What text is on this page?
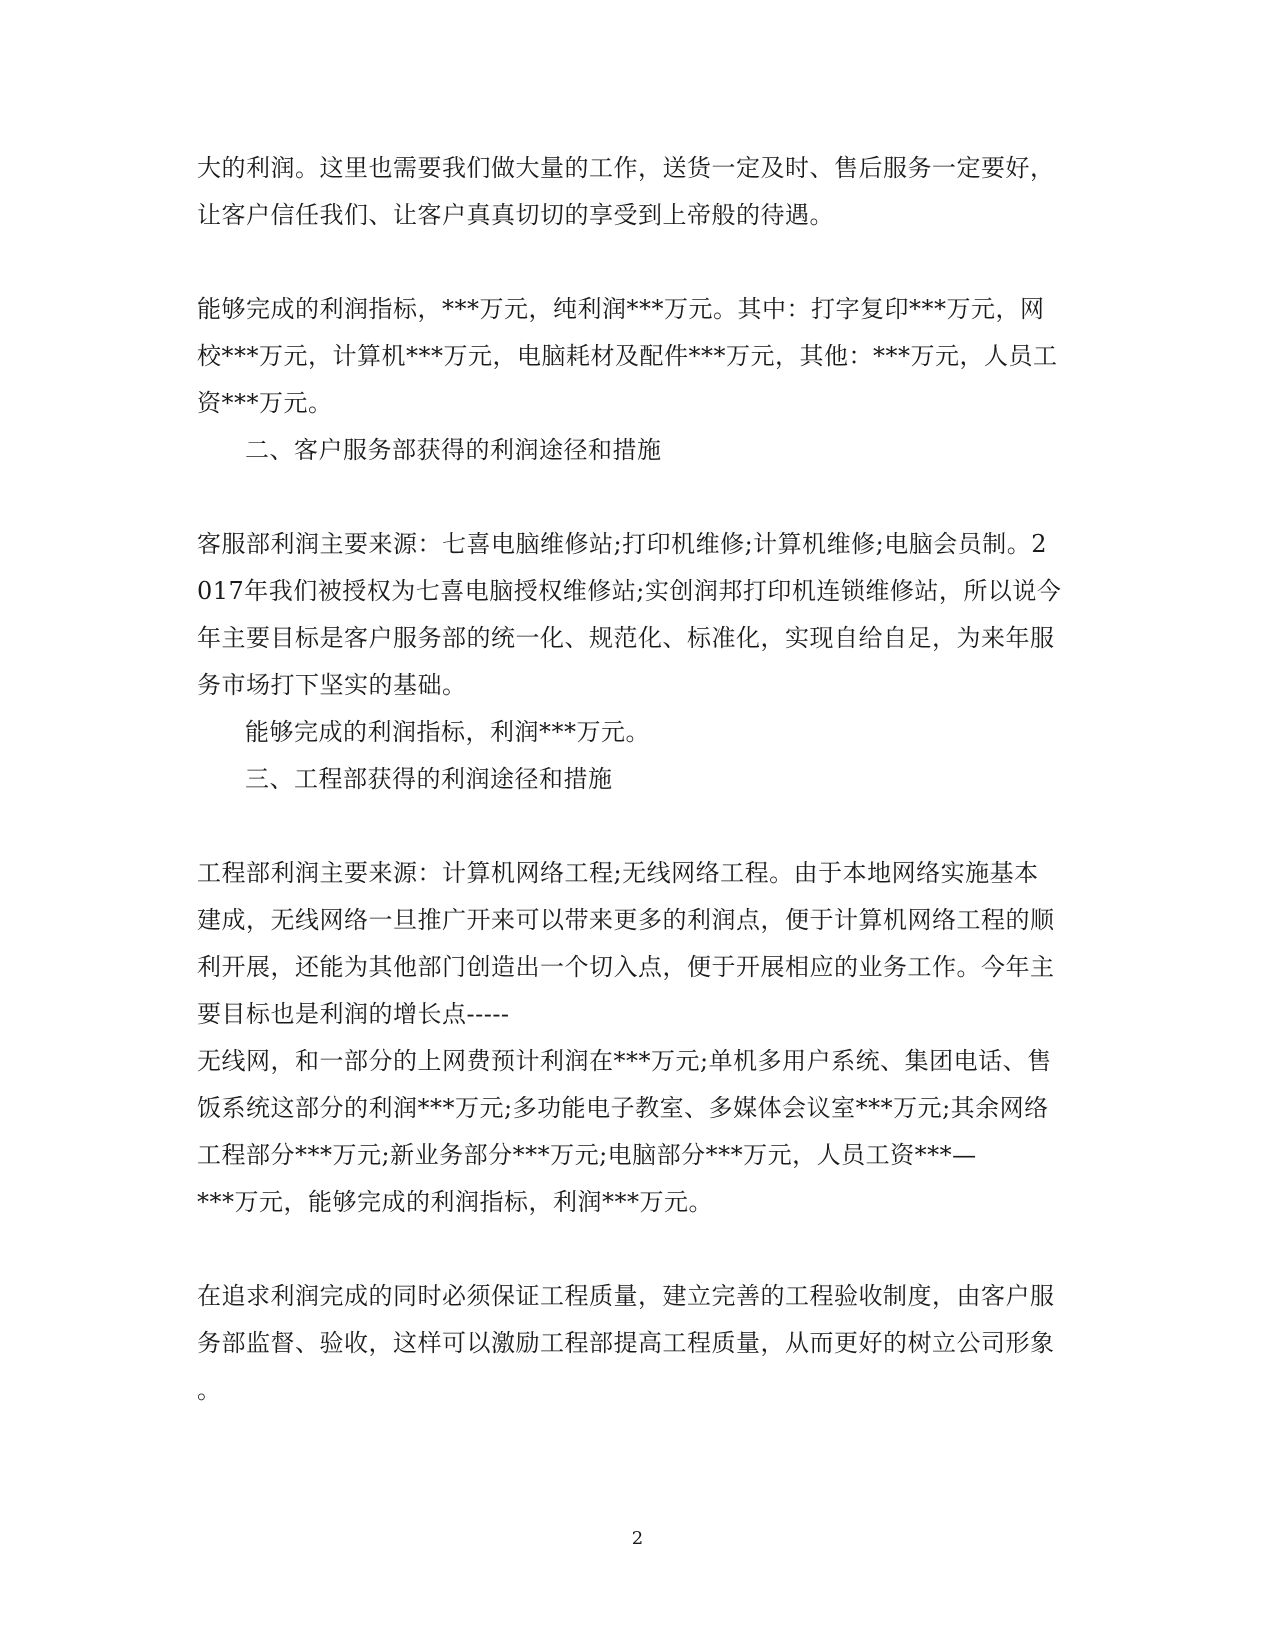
大的利润。这里也需要我们做大量的工作，送货一定及时、售后服务一定要好，
让客户信任我们、让客户真真切切的享受到上帝般的待遇。
能够完成的利润指标，***万元，纯利润***万元。其中：打字复印***万元，网
校***万元，计算机***万元，电脑耗材及配件***万元，其他：***万元，人员工
资***万元。
二、客户服务部获得的利润途径和措施
客服部利润主要来源：七喜电脑维修站;打印机维修;计算机维修;电脑会员制。2
017年我们被授权为七喜电脑授权维修站;实创润邦打印机连锁维修站，所以说今
年主要目标是客户服务部的统一化、规范化、标准化，实现自给自足，为来年服
务市场打下坚实的基础。
能够完成的利润指标，利润***万元。
三、工程部获得的利润途径和措施
工程部利润主要来源：计算机网络工程;无线网络工程。由于本地网络实施基本
建成，无线网络一旦推广开来可以带来更多的利润点，便于计算机网络工程的顺
利开展，还能为其他部门创造出一个切入点，便于开展相应的业务工作。今年主
要目标也是利润的增长点-----
无线网，和一部分的上网费预计利润在***万元;单机多用户系统、集团电话、售
饭系统这部分的利润***万元;多功能电子教室、多媒体会议室***万元;其余网络
工程部分***万元;新业务部分***万元;电脑部分***万元，人员工资***—
***万元，能够完成的利润指标，利润***万元。
在追求利润完成的同时必须保证工程质量，建立完善的工程验收制度，由客户服
务部监督、验收，这样可以激励工程部提高工程质量，从而更好的树立公司形象
。
2
